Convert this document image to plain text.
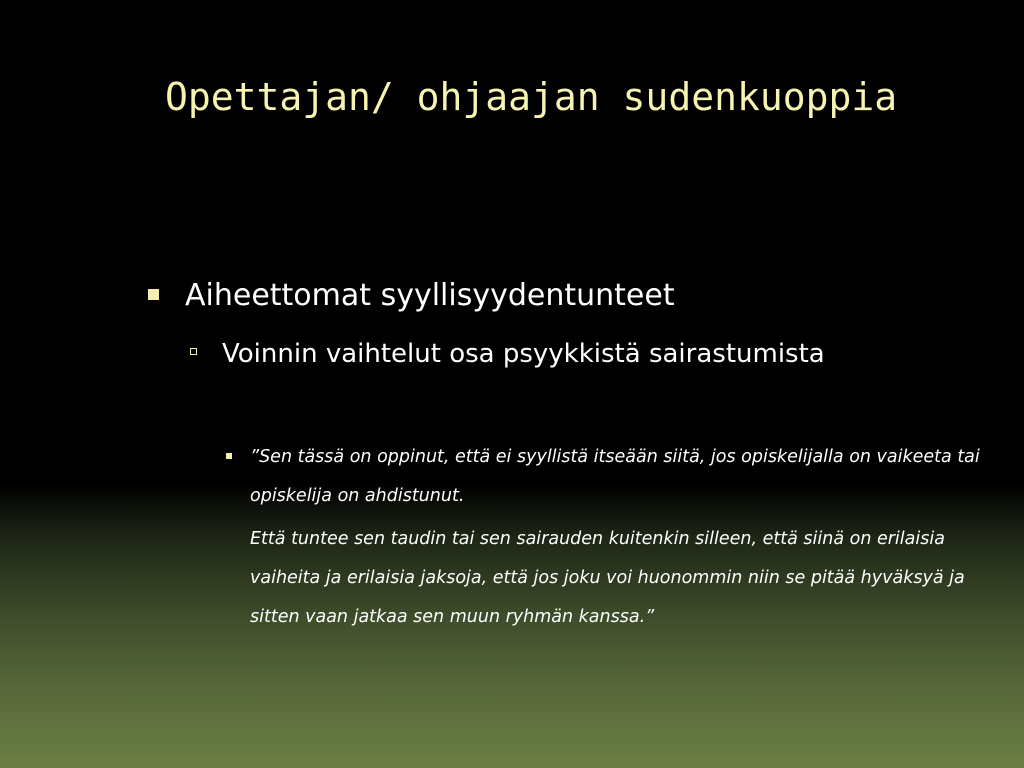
Opettajan/ ohjaajan sudenkuoppia
Aiheettomat syyllisyydentunteet
Voinnin vaihtelut osa psyykkistä sairastumista

”Sen tässä on oppinut, että ei syyllistä itseään siitä, jos opiskelijalla on vaikeeta tai opiskelija on ahdistunut.

Että tuntee sen taudin tai sen sairauden kuitenkin silleen, että siinä on erilaisia vaiheita ja erilaisia jaksoja, että jos joku voi huonommin niin se pitää hyväksyä ja sitten vaan jatkaa sen muun ryhmän kanssa.”
